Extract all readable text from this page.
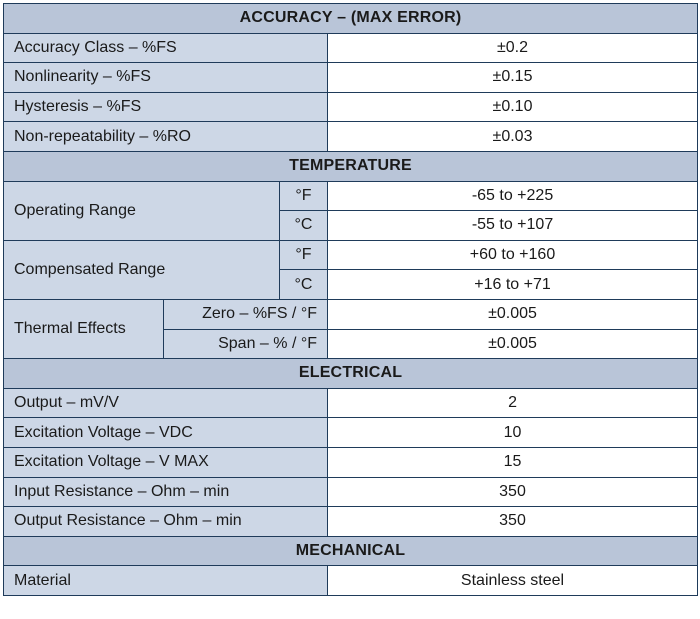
ACCURACY – (MAX ERROR)			
Accuracy Class – %FS			±0.2
Nonlinearity – %FS			±0.15
Hysteresis – %FS			±0.10
Non-repeatability – %RO			±0.03
TEMPERATURE			
Operating Range		°F	-65 to +225
		°C	-55 to +107
Compensated Range		°F	+60 to +160
		°C	+16 to +71
Thermal Effects	Zero – %FS / °F		±0.005
	Span – % / °F		±0.005
ELECTRICAL			
Output – mV/V			2
Excitation Voltage – VDC			10
Excitation Voltage – V MAX			15
Input Resistance – Ohm – min			350
Output Resistance – Ohm – min			350
MECHANICAL			
Material			Stainless steel
